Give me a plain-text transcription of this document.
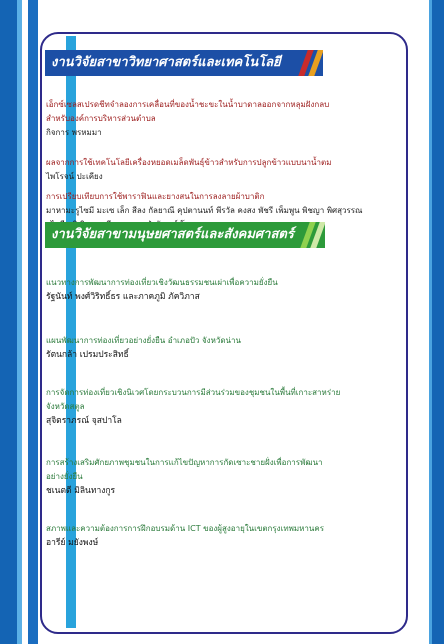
งานวิจัยสาขาวิทยาศาสตร์และเทคโนโลยี
เอ็กซ์เซลสเปรดชีทจำลองการเคลื่อนที่ของน้ำชะขะในน้ำบาดาลออกจากหลุมฝังกลบ
สำหรับองค์การบริหารส่วนตำบล
กิจการ พรหมมา
ผลจากการใช้เทคโนโลยีเครื่องหยอดเมล็ดพันธุ์ข้าวสำหรับการปลูกข้าวแบบนาน้ำตม
ไพโรจน์ ปะเคียง
การเปรียบเทียบการใช้พาราฟินและยางสนในการลงลายผ้าบาติก
มาหามะรูไซมี มะเซ เล็ก สีลง กัลยาณี คุปตานนท์ พีรวัล คงสง พัชรี เพ็มพูน พิชญา พิศสุวรรณ
งานวิจัยสาขามนุษยศาสตร์และสังคมศาสตร์
แนวทางการพัฒนาการท่องเที่ยวเชิงวัฒนธรรมชนเผ่าเพื่อความยั่งยืน
รัฐนันท์ พงศ์วิริทธิ์ธร และภาคภูมิ ภัควิภาส
แผนพัฒนาการท่องเที่ยวอย่างยั่งยืน อำเภอปัว จังหวัดน่าน
รัตนกล้า เปรมประสิทธิ์
การจัดการท่องเที่ยวเชิงนิเวศโดยกระบวนการมีส่วนร่วมของชุมชนในพื้นที่เกาะสาหร่าย
จังหวัดสตูล
สุจิตราภรณ์ จุสปาโล
การสร้างเสริมศักยภาพชุมชนในการแก้ไขปัญหาการกัดเซาะชายฝั่งเพื่อการพัฒนา
อย่างยั่งยืน
ชเนตตี มิลินทางกูร
สภาพและความต้องการการฝึกอบรมด้าน ICT ของผู้สูงอายุในเขตกรุงเทพมหานคร
อารีย์ มยังพงษ์
